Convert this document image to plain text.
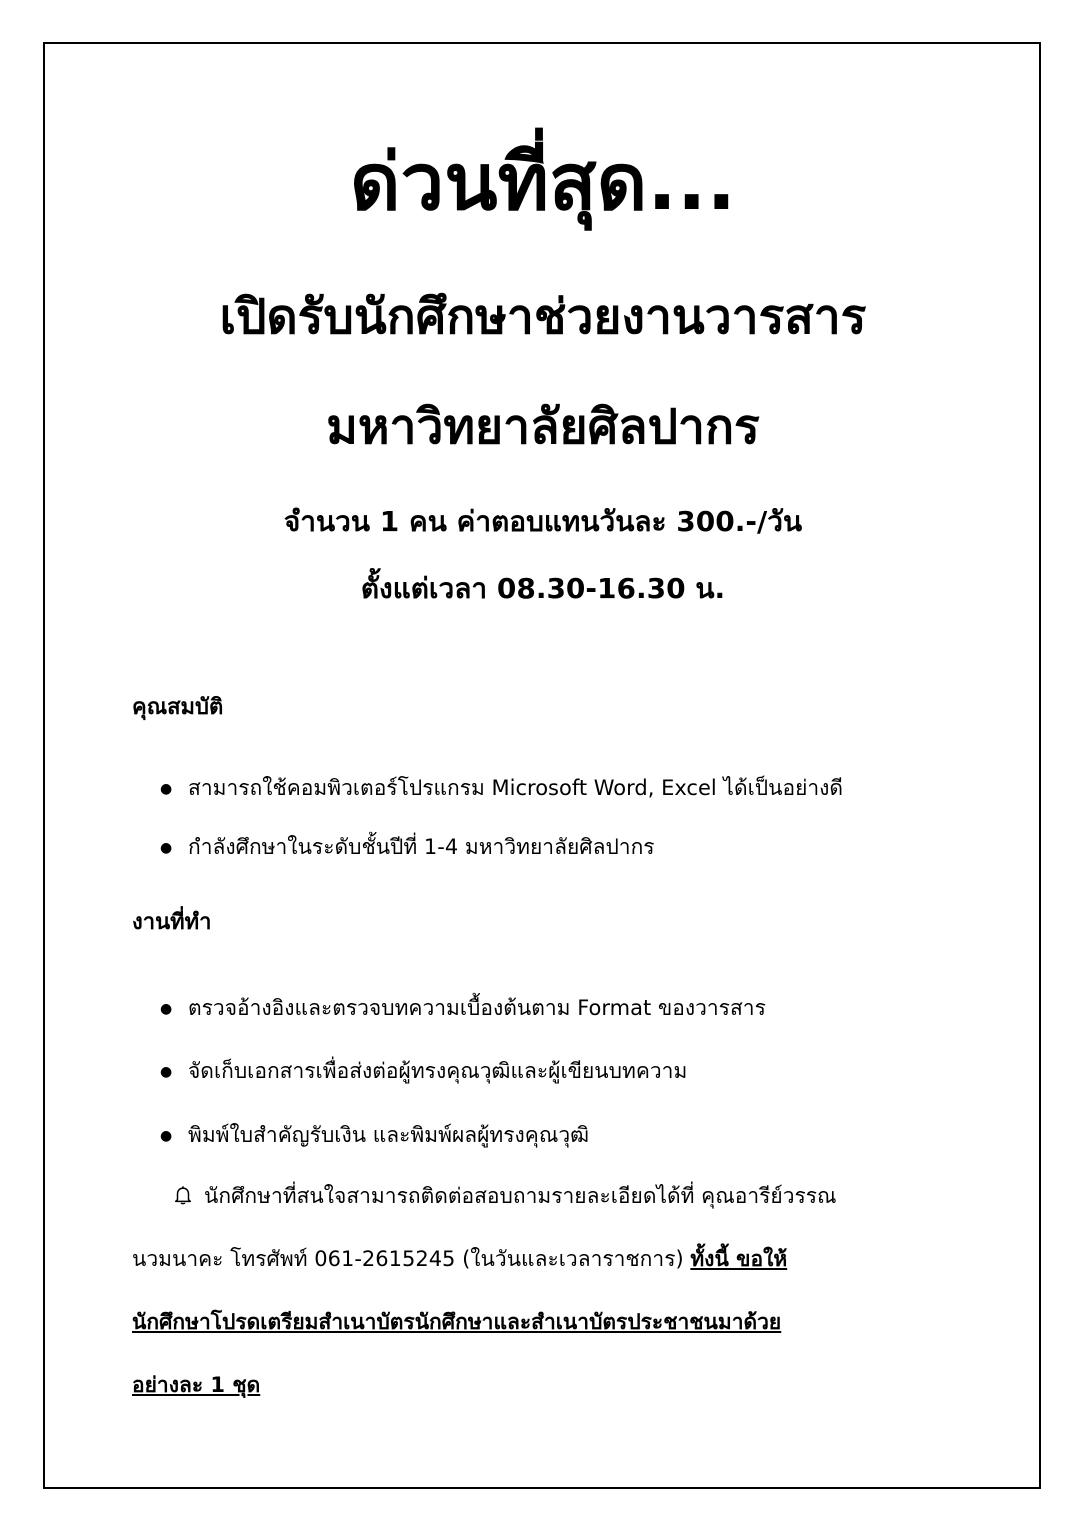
ด่วนที่สุด...
เปิดรับนักศึกษาช่วยงานวารสาร
มหาวิทยาลัยศิลปากร
จำนวน 1 คน ค่าตอบแทนวันละ 300.-/วัน
ตั้งแต่เวลา 08.30-16.30 น.
คุณสมบัติ
● สามารถใช้คอมพิวเตอร์โปรแกรม Microsoft Word, Excel ได้เป็นอย่างดี
● กำลังศึกษาในระดับชั้นปีที่ 1-4 มหาวิทยาลัยศิลปากร
งานที่ทำ
● ตรวจอ้างอิงและตรวจบทความเบื้องต้นตาม Format ของวารสาร
● จัดเก็บเอกสารเพื่อส่งต่อผู้ทรงคุณวุฒิและผู้เขียนบทความ
● พิมพ์ใบสำคัญรับเงิน และพิมพ์ผลผู้ทรงคุณวุฒิ
นักศึกษาที่สนใจสามารถติดต่อสอบถามรายละเอียดได้ที่ คุณอารีย์วรรณ
นวมนาคะ โทรศัพท์ 061-2615245 (ในวันและเวลาราชการ) ทั้งนี้ ขอให้
นักศึกษาโปรดเตรียมสำเนาบัตรนักศึกษาและสำเนาบัตรประชาชนมาด้วย
อย่างละ 1 ชุด
